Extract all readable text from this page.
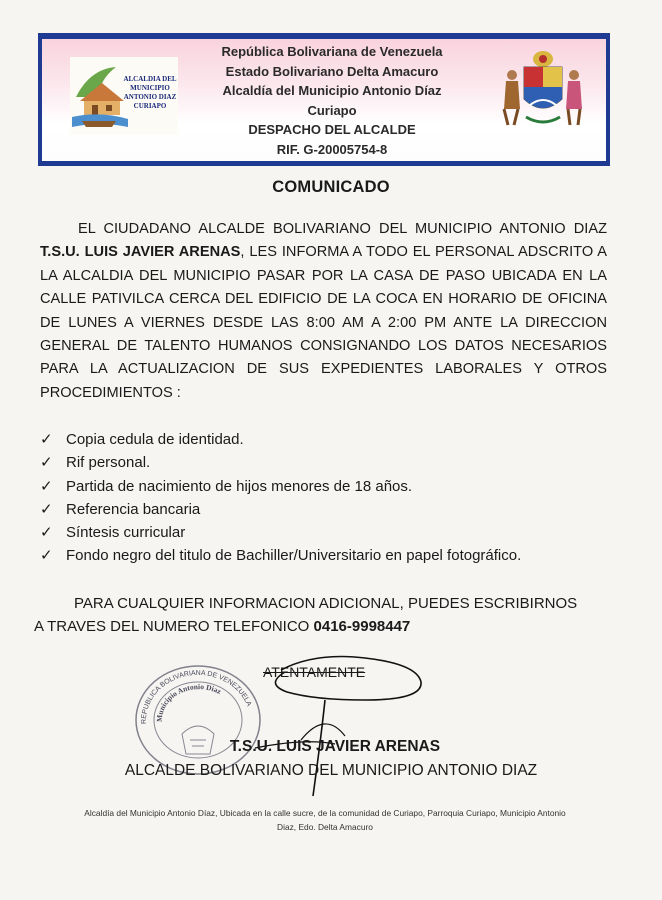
ALCALDIA DEL
MUNICIPIO
ANTONIO DIAZ
CURIAPO
República Bolivariana de Venezuela
Estado Bolivariano Delta Amacuro
Alcaldía del Municipio Antonio Díaz
Curiapo
DESPACHO DEL ALCALDE
RIF. G-20005754-8
COMUNICADO

EL CIUDADANO ALCALDE BOLIVARIANO DEL MUNICIPIO ANTONIO DIAZ T.S.U. LUIS JAVIER ARENAS, LES INFORMA A TODO EL PERSONAL ADSCRITO A LA ALCALDIA DEL MUNICIPIO PASAR POR LA CASA DE PASO UBICADA EN LA CALLE PATIVILCA CERCA DEL EDIFICIO DE LA COCA EN HORARIO DE OFICINA DE LUNES A VIERNES DESDE LAS 8:00 AM A 2:00 PM ANTE LA DIRECCION GENERAL DE TALENTO HUMANOS CONSIGNANDO LOS DATOS NECESARIOS PARA LA ACTUALIZACION DE SUS EXPEDIENTES LABORALES Y OTROS PROCEDIMIENTOS :

✓ Copia cedula de identidad.
✓ Rif personal.
✓ Partida de nacimiento de hijos menores de 18 años.
✓ Referencia bancaria
✓ Síntesis curricular
✓ Fondo negro del titulo de Bachiller/Universitario en papel fotográfico.
PARA CUALQUIER INFORMACION ADICIONAL, PUEDES ESCRIBIRNOS
A TRAVES DEL NUMERO TELEFONICO 0416-9998447
REPUBLICA BOLIVARIANA DE VENEZUELA
Municipio Antonio Diaz
ATENTAMENTE
T.S.U. LUIS JAVIER ARENAS
ALCALDE BOLIVARIANO DEL MUNICIPIO ANTONIO DIAZ
Alcaldía del Municipio Antonio Díaz, Ubicada en la calle sucre, de la comunidad de Curiapo, Parroquia Curiapo, Municipio Antonio
Diaz, Edo. Delta Amacuro
